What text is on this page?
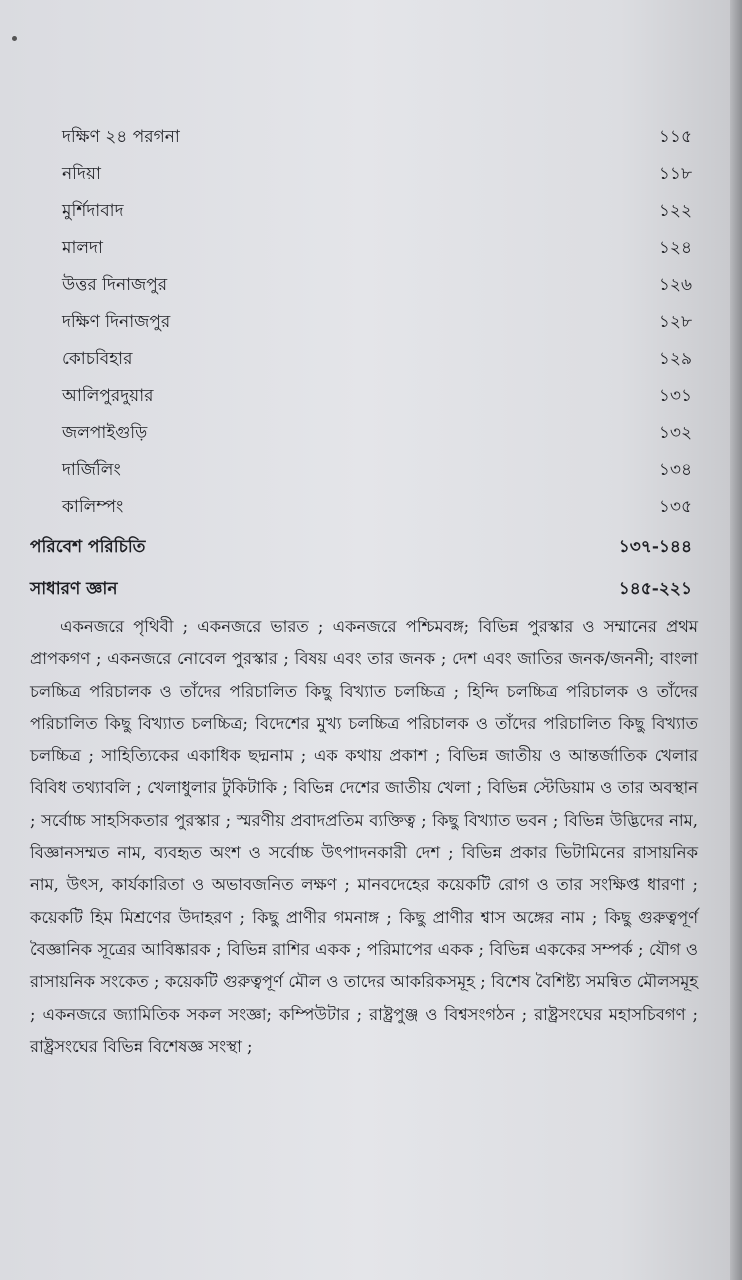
দক্ষিণ ২৪ পরগনা	১১৫
নদিয়া	১১৮
মুর্শিদাবাদ	১২২
মালদা	১২৪
উত্তর দিনাজপুর	১২৬
দক্ষিণ দিনাজপুর	১২৮
কোচবিহার	১২৯
আলিপুরদুয়ার	১৩১
জলপাইগুড়ি	১৩২
দার্জিলিং	১৩৪
কালিম্পং	১৩৫
পরিবেশ পরিচিতি	১৩৭-১৪৪
সাধারণ জ্ঞান	১৪৫-২২১
একনজরে পৃথিবী ; একনজরে ভারত ; একনজরে পশ্চিমবঙ্গ; বিভিন্ন পুরস্কার ও সম্মানের প্রথম প্রাপকগণ ; একনজরে নোবেল পুরস্কার ; বিষয় এবং তার জনক ; দেশ এবং জাতির জনক/জননী; বাংলা চলচ্চিত্র পরিচালক ও তাঁদের পরিচালিত কিছু বিখ্যাত চলচ্চিত্র ; হিন্দি চলচ্চিত্র পরিচালক ও তাঁদের পরিচালিত কিছু বিখ্যাত চলচ্চিত্র; বিদেশের মুখ্য চলচ্চিত্র পরিচালক ও তাঁদের পরিচালিত কিছু বিখ্যাত চলচ্চিত্র ; সাহিত্যিকের একাধিক ছদ্মনাম ; এক কথায় প্রকাশ ; বিভিন্ন জাতীয় ও আন্তর্জাতিক খেলার বিবিধ তথ্যাবলি ; খেলাধুলার টুকিটাকি ; বিভিন্ন দেশের জাতীয় খেলা ; বিভিন্ন স্টেডিয়াম ও তার অবস্থান ; সর্বোচ্চ সাহসিকতার পুরস্কার ; স্মরণীয় প্রবাদপ্রতিম ব্যক্তিত্ব ; কিছু বিখ্যাত ভবন ; বিভিন্ন উদ্ভিদের নাম, বিজ্ঞানসম্মত নাম, ব্যবহৃত অংশ ও সর্বোচ্চ উৎপাদনকারী দেশ ; বিভিন্ন প্রকার ভিটামিনের রাসায়নিক নাম, উৎস, কার্যকারিতা ও অভাবজনিত লক্ষণ ; মানবদেহের কয়েকটি রোগ ও তার সংক্ষিপ্ত ধারণা ; কয়েকটি হিম মিশ্রণের উদাহরণ ; কিছু প্রাণীর গমনাঙ্গ ; কিছু প্রাণীর শ্বাস অঙ্গের নাম ; কিছু গুরুত্বপূর্ণ বৈজ্ঞানিক সূত্রের আবিষ্কারক ; বিভিন্ন রাশির একক ; পরিমাপের একক ; বিভিন্ন এককের সম্পর্ক ; যৌগ ও রাসায়নিক সংকেত ; কয়েকটি গুরুত্বপূর্ণ মৌল ও তাদের আকরিকসমূহ ; বিশেষ বৈশিষ্ট্য সমন্বিত মৌলসমূহ ; একনজরে জ্যামিতিক সকল সংজ্ঞা; কম্পিউটার ; রাষ্ট্রপুঞ্জ ও বিশ্বসংগঠন ; রাষ্ট্রসংঘের মহাসচিবগণ ; রাষ্ট্রসংঘের বিভিন্ন বিশেষজ্ঞ সংস্থা ;
